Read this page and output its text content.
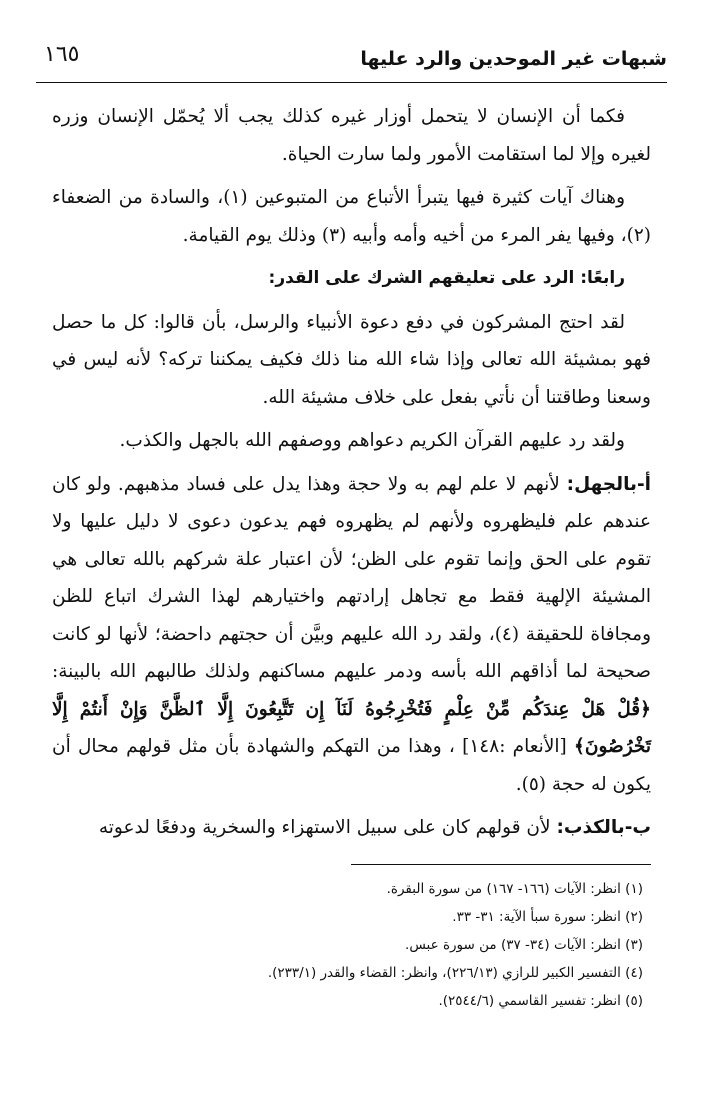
شبهات غير الموحدين والرد عليها
١٦٥

فكما أن الإنسان لا يتحمل أوزار غيره كذلك يجب ألا يُحمّل الإنسان وزره لغيره وإلا لما استقامت الأمور ولما سارت الحياة.

وهناك آيات كثيرة فيها يتبرأ الأتباع من المتبوعين (١)، والسادة من الضعفاء (٢)، وفيها يفر المرء من أخيه وأمه وأبيه (٣) وذلك يوم القيامة.

رابعًا: الرد على تعليقهم الشرك على القدر:

لقد احتج المشركون في دفع دعوة الأنبياء والرسل، بأن قالوا: كل ما حصل فهو بمشيئة الله تعالى وإذا شاء الله منا ذلك فكيف يمكننا تركه؟ لأنه ليس في وسعنا وطاقتنا أن نأتي بفعل على خلاف مشيئة الله.

ولقد رد عليهم القرآن الكريم دعواهم ووصفهم الله بالجهل والكذب.

أ-بالجهل: لأنهم لا علم لهم به ولا حجة وهذا يدل على فساد مذهبهم. ولو كان عندهم علم فليظهروه ولأنهم لم يظهروه فهم يدعون دعوى لا دليل عليها ولا تقوم على الحق وإنما تقوم على الظن؛ لأن اعتبار علة شركهم بالله تعالى هي المشيئة الإلهية فقط مع تجاهل إرادتهم واختيارهم لهذا الشرك اتباع للظن ومجافاة للحقيقة (٤)، ولقد رد الله عليهم وبيَّن أن حجتهم داحضة؛ لأنها لو كانت صحيحة لما أذاقهم الله بأسه ودمر عليهم مساكنهم ولذلك طالبهم الله بالبينة: ﴿قُلْ هَلْ عِندَكُم مِّنْ عِلْمٍ فَتُخْرِجُوهُ لَنَآ إِن تَتَّبِعُونَ إِلَّا ٱلظَّنَّ وَإِنْ أَنتُمْ إِلَّا تَخْرُصُونَ﴾ [الأنعام :١٤٨] ، وهذا من التهكم والشهادة بأن مثل قولهم محال أن يكون له حجة (٥).

ب-بالكذب: لأن قولهم كان على سبيل الاستهزاء والسخرية ودفعًا لدعوته

(١) انظر: الآيات (١٦٦- ١٦٧) من سورة البقرة.
(٢) انظر: سورة سبأ الآية: ٣١- ٣٣.
(٣) انظر: الآيات (٣٤- ٣٧) من سورة عبس.
(٤) التفسير الكبير للرازي (٢٢٦/١٣)، وانظر: القضاء والقدر (٢٣٣/١).
(٥) انظر: تفسير القاسمي (٢٥٤٤/٦).
